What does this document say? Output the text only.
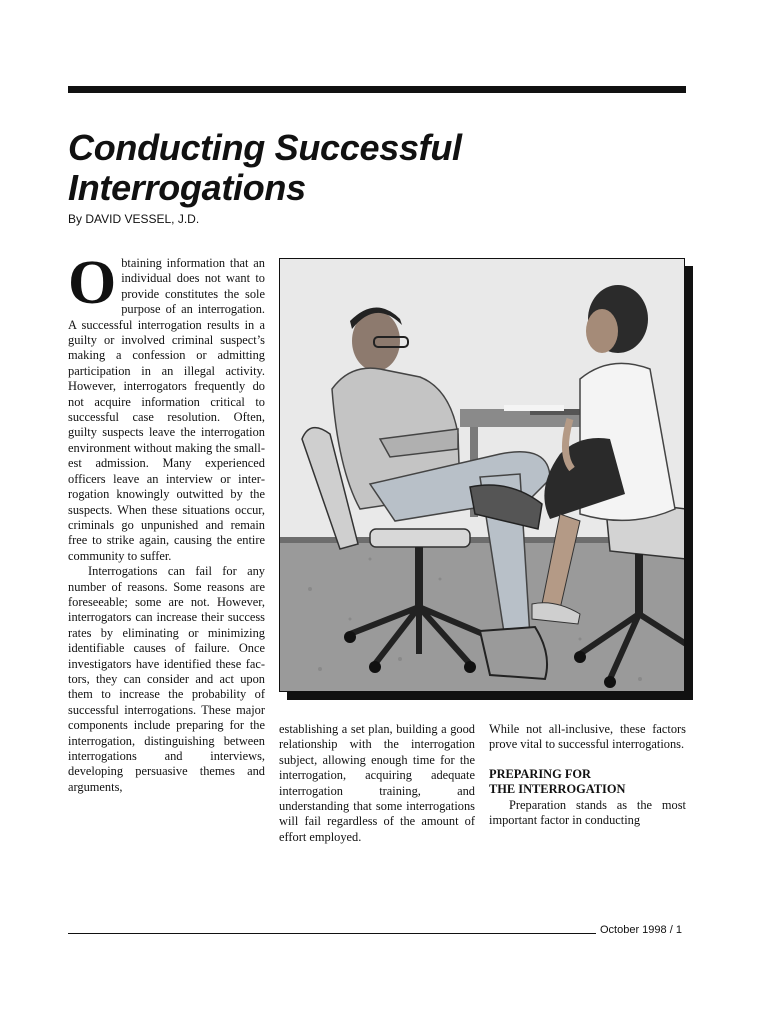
Conducting Successful Interrogations
By DAVID VESSEL, J.D.

Obtaining information that an individual does not want to provide constitutes the sole purpose of an interrogation. A successful interrogation results in a guilty or involved criminal suspect’s making a confession or admitting participation in an illegal activity. However, interrogators frequently do not acquire information critical to successful case resolution. Often, guilty suspects leave the interrogation environment without making the smallest admission. Many experienced officers leave an interview or interrogation knowingly outwitted by the suspects. When these situations occur, criminals go unpunished and remain free to strike again, causing the entire community to suffer.

Interrogations can fail for any number of reasons. Some reasons are foreseeable; some are not. However, interrogators can increase their success rates by eliminating or minimizing identifiable causes of failure. Once investigators have identified these factors, they can consider and act upon them to increase the probability of successful interrogations. These major components include preparing for the interrogation, distinguishing between interrogations and interviews, developing persuasive themes and arguments,

establishing a set plan, building a good relationship with the interrogation subject, allowing enough time for the interrogation, acquiring adequate interrogation training, and understanding that some interrogations will fail regardless of the amount of effort employed.

While not all-inclusive, these factors prove vital to successful interrogations.

PREPARING FOR
THE INTERROGATION

Preparation stands as the most important factor in conducting

October 1998 / 1
